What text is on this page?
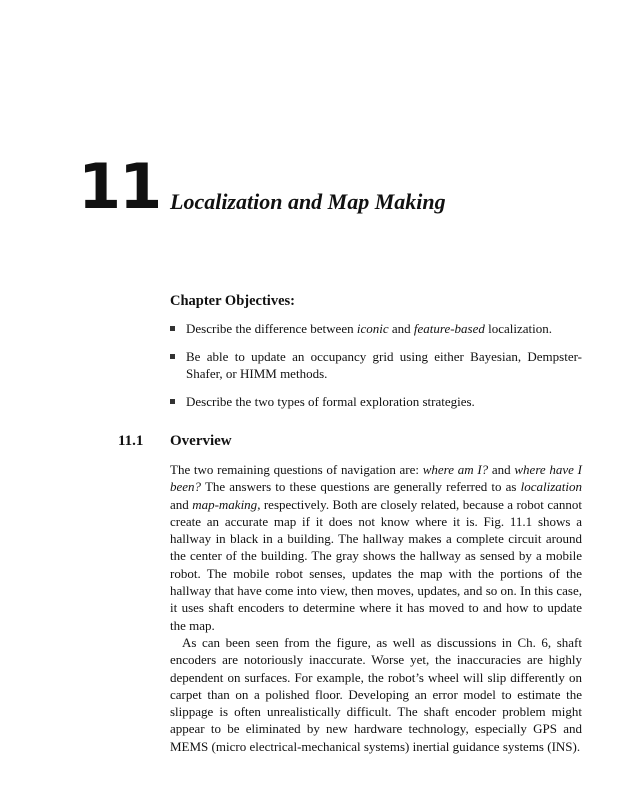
11 Localization and Map Making
Chapter Objectives:
Describe the difference between iconic and feature-based localization.
Be able to update an occupancy grid using either Bayesian, Dempster-Shafer, or HIMM methods.
Describe the two types of formal exploration strategies.
11.1 Overview

The two remaining questions of navigation are: where am I? and where have I been? The answers to these questions are generally referred to as localization and map-making, respectively. Both are closely related, because a robot cannot create an accurate map if it does not know where it is. Fig. 11.1 shows a hallway in black in a building. The hallway makes a complete circuit around the center of the building. The gray shows the hallway as sensed by a mobile robot. The mobile robot senses, updates the map with the portions of the hallway that have come into view, then moves, updates, and so on. In this case, it uses shaft encoders to determine where it has moved to and how to update the map.

As can been seen from the figure, as well as discussions in Ch. 6, shaft encoders are notoriously inaccurate. Worse yet, the inaccuracies are highly dependent on surfaces. For example, the robot’s wheel will slip differently on carpet than on a polished floor. Developing an error model to estimate the slippage is often unrealistically difficult. The shaft encoder problem might appear to be eliminated by new hardware technology, especially GPS and MEMS (micro electrical-mechanical systems) inertial guidance systems (INS).
